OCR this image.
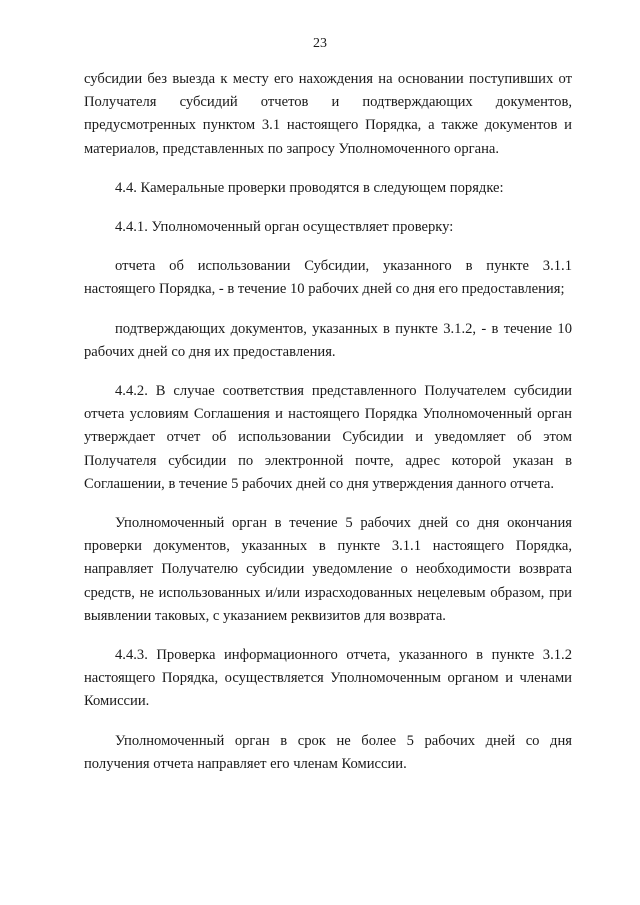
23

субсидии без выезда к месту его нахождения на основании поступивших от Получателя субсидий отчетов и подтверждающих документов, предусмотренных пунктом 3.1 настоящего Порядка, а также документов и материалов, представленных по запросу Уполномоченного органа.

4.4. Камеральные проверки проводятся в следующем порядке:

4.4.1. Уполномоченный орган осуществляет проверку:

отчета об использовании Субсидии, указанного в пункте 3.1.1 настоящего Порядка, - в течение 10 рабочих дней со дня его предоставления;

подтверждающих документов, указанных в пункте 3.1.2, - в течение 10 рабочих дней со дня их предоставления.

4.4.2. В случае соответствия представленного Получателем субсидии отчета условиям Соглашения и настоящего Порядка Уполномоченный орган утверждает отчет об использовании Субсидии и уведомляет об этом Получателя субсидии по электронной почте, адрес которой указан в Соглашении, в течение 5 рабочих дней со дня утверждения данного отчета.

Уполномоченный орган в течение 5 рабочих дней со дня окончания проверки документов, указанных в пункте 3.1.1 настоящего Порядка, направляет Получателю субсидии уведомление о необходимости возврата средств, не использованных и/или израсходованных нецелевым образом, при выявлении таковых, с указанием реквизитов для возврата.

4.4.3. Проверка информационного отчета, указанного в пункте 3.1.2 настоящего Порядка, осуществляется Уполномоченным органом и членами Комиссии.

Уполномоченный орган в срок не более 5 рабочих дней со дня получения отчета направляет его членам Комиссии.
